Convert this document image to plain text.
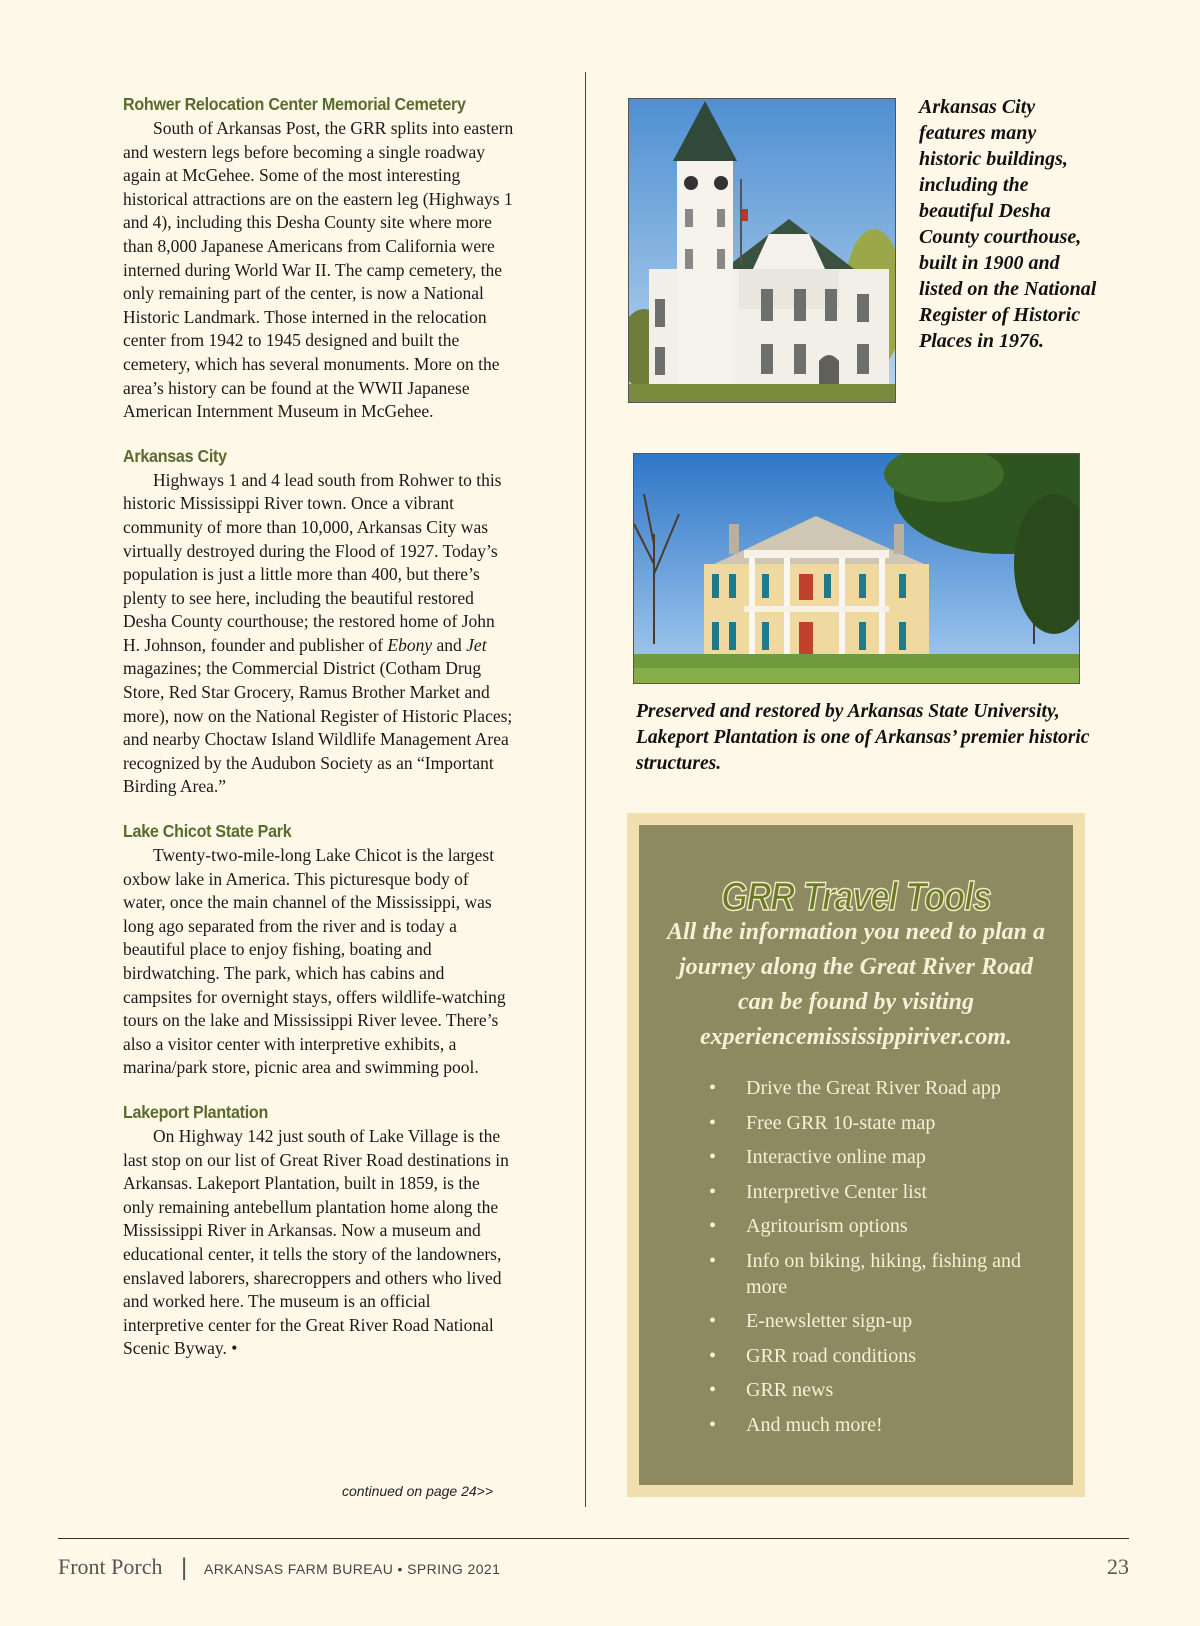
Rohwer Relocation Center Memorial Cemetery

South of Arkansas Post, the GRR splits into eastern and western legs before becoming a single roadway again at McGehee. Some of the most interesting historical attractions are on the eastern leg (Highways 1 and 4), including this Desha County site where more than 8,000 Japanese Americans from California were interned during World War II. The camp cemetery, the only remaining part of the center, is now a National Historic Landmark. Those interned in the relocation center from 1942 to 1945 designed and built the cemetery, which has several monuments. More on the area’s history can be found at the WWII Japanese American Internment Museum in McGehee.

Arkansas City

Highways 1 and 4 lead south from Rohwer to this historic Mississippi River town. Once a vibrant community of more than 10,000, Arkansas City was virtually destroyed during the Flood of 1927. Today’s population is just a little more than 400, but there’s plenty to see here, including the beautiful restored Desha County courthouse; the restored home of John H. Johnson, founder and publisher of Ebony and Jet magazines; the Commercial District (Cotham Drug Store, Red Star Grocery, Ramus Brother Market and more), now on the National Register of Historic Places; and nearby Choctaw Island Wildlife Management Area recognized by the Audubon Society as an “Important Birding Area.”

Lake Chicot State Park

Twenty-two-mile-long Lake Chicot is the largest oxbow lake in America. This picturesque body of water, once the main channel of the Mississippi, was long ago separated from the river and is today a beautiful place to enjoy fishing, boating and birdwatching. The park, which has cabins and campsites for overnight stays, offers wildlife-watching tours on the lake and Mississippi River levee. There’s also a visitor center with interpretive exhibits, a marina/park store, picnic area and swimming pool.

Lakeport Plantation

On Highway 142 just south of Lake Village is the last stop on our list of Great River Road destinations in Arkansas. Lakeport Plantation, built in 1859, is the only remaining antebellum plantation home along the Mississippi River in Arkansas. Now a museum and educational center, it tells the story of the landowners, enslaved laborers, sharecroppers and others who lived and worked here. The museum is an official interpretive center for the Great River Road National Scenic Byway. •

continued on page 24>>
Arkansas City features many historic buildings, including the beautiful Desha County courthouse, built in 1900 and listed on the National Register of Historic Places in 1976.
Preserved and restored by Arkansas State University, Lakeport Plantation is one of Arkansas’ premier historic structures.
GRR Travel Tools
All the information you need to plan a journey along the Great River Road can be found by visiting experiencemississippiriver.com.
• Drive the Great River Road app
• Free GRR 10-state map
• Interactive online map
• Interpretive Center list
• Agritourism options
• Info on biking, hiking, fishing and more
• E-newsletter sign-up
• GRR road conditions
• GRR news
• And much more!
Front Porch | ARKANSAS FARM BUREAU • SPRING 2021	23
